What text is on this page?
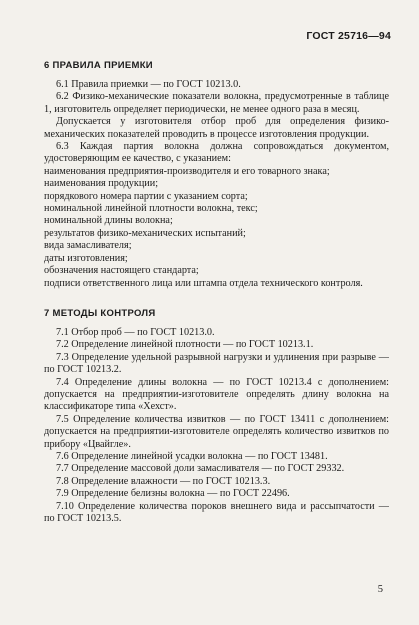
ГОСТ 25716—94
6 ПРАВИЛА ПРИЕМКИ

6.1 Правила приемки — по ГОСТ 10213.0.

6.2 Физико-механические показатели волокна, предусмотренные в таблице 1, изготовитель определяет периодически, не менее одного раза в месяц.

Допускается у изготовителя отбор проб для определения физико-механических показателей проводить в процессе изготовления продукции.

6.3 Каждая партия волокна должна сопровождаться документом, удостоверяющим ее качество, с указанием:

наименования предприятия-производителя и его товарного знака;
наименования продукции;
порядкового номера партии с указанием сорта;
номинальной линейной плотности волокна, текс;
номинальной длины волокна;
результатов физико-механических испытаний;
вида замасливателя;
даты изготовления;
обозначения настоящего стандарта;

подписи ответственного лица или штампа отдела технического контроля.

7 МЕТОДЫ КОНТРОЛЯ

7.1 Отбор проб — по ГОСТ 10213.0.

7.2 Определение линейной плотности — по ГОСТ 10213.1.

7.3 Определение удельной разрывной нагрузки и удлинения при разрыве — по ГОСТ 10213.2.

7.4 Определение длины волокна — по ГОСТ 10213.4 с дополнением: допускается на предприятии-изготовителе определять длину волокна на классификаторе типа «Хехст».

7.5 Определение количества извитков — по ГОСТ 13411 с дополнением: допускается на предприятии-изготовителе определять количество извитков по прибору «Цвайгле».

7.6 Определение линейной усадки волокна — по ГОСТ 13481.

7.7 Определение массовой доли замасливателя — по ГОСТ 29332.

7.8 Определение влажности — по ГОСТ 10213.3.

7.9 Определение белизны волокна — по ГОСТ 22496.

7.10 Определение количества пороков внешнего вида и рассыпчатости — по ГОСТ 10213.5.

5
